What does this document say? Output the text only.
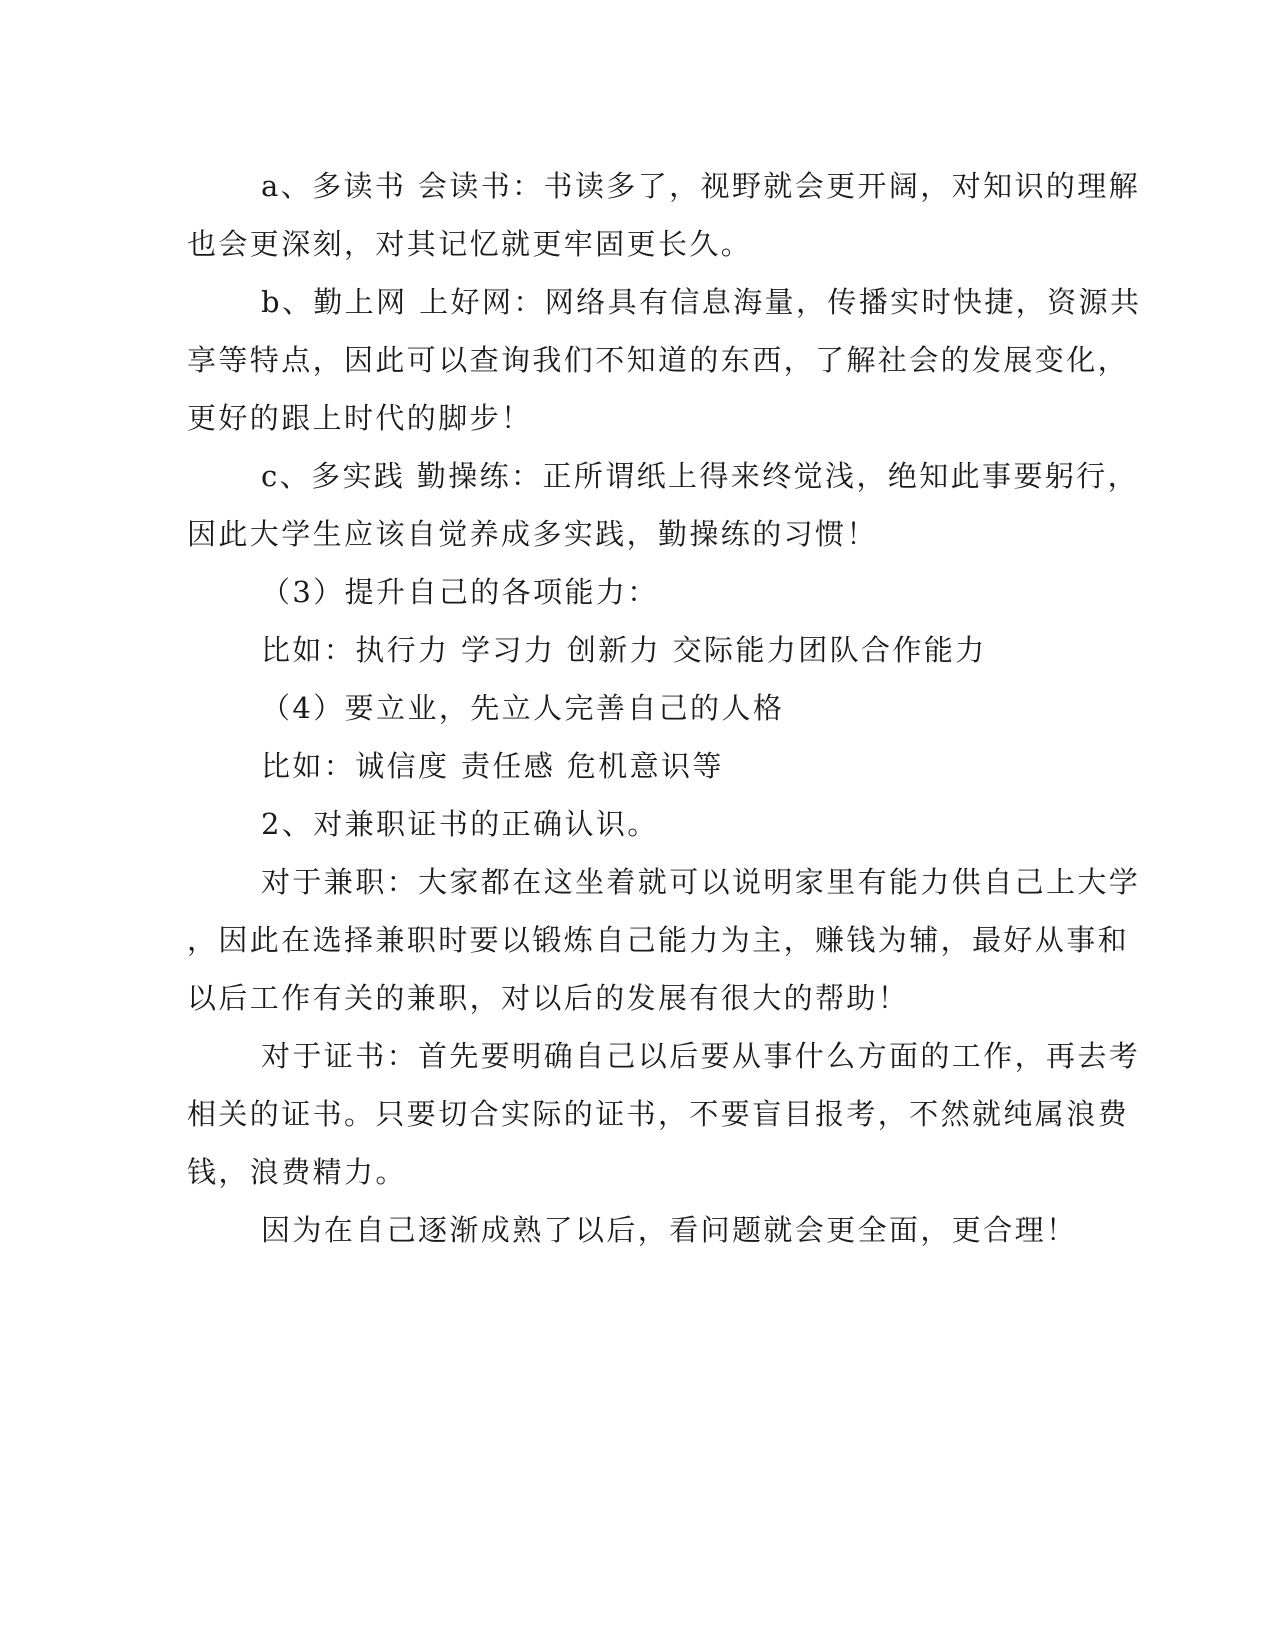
a、多读书 会读书：书读多了，视野就会更开阔，对知识的理解
也会更深刻，对其记忆就更牢固更长久。
b、勤上网 上好网：网络具有信息海量，传播实时快捷，资源共
享等特点，因此可以查询我们不知道的东西，了解社会的发展变化，
更好的跟上时代的脚步！
c、多实践 勤操练：正所谓纸上得来终觉浅，绝知此事要躬行，
因此大学生应该自觉养成多实践，勤操练的习惯！
（3）提升自己的各项能力：
比如：执行力 学习力 创新力 交际能力团队合作能力
（4）要立业，先立人完善自己的人格
比如：诚信度 责任感 危机意识等
2、对兼职证书的正确认识。
对于兼职：大家都在这坐着就可以说明家里有能力供自己上大学
，因此在选择兼职时要以锻炼自己能力为主，赚钱为辅，最好从事和
以后工作有关的兼职，对以后的发展有很大的帮助！
对于证书：首先要明确自己以后要从事什么方面的工作，再去考
相关的证书。只要切合实际的证书，不要盲目报考，不然就纯属浪费
钱，浪费精力。
因为在自己逐渐成熟了以后，看问题就会更全面，更合理！
